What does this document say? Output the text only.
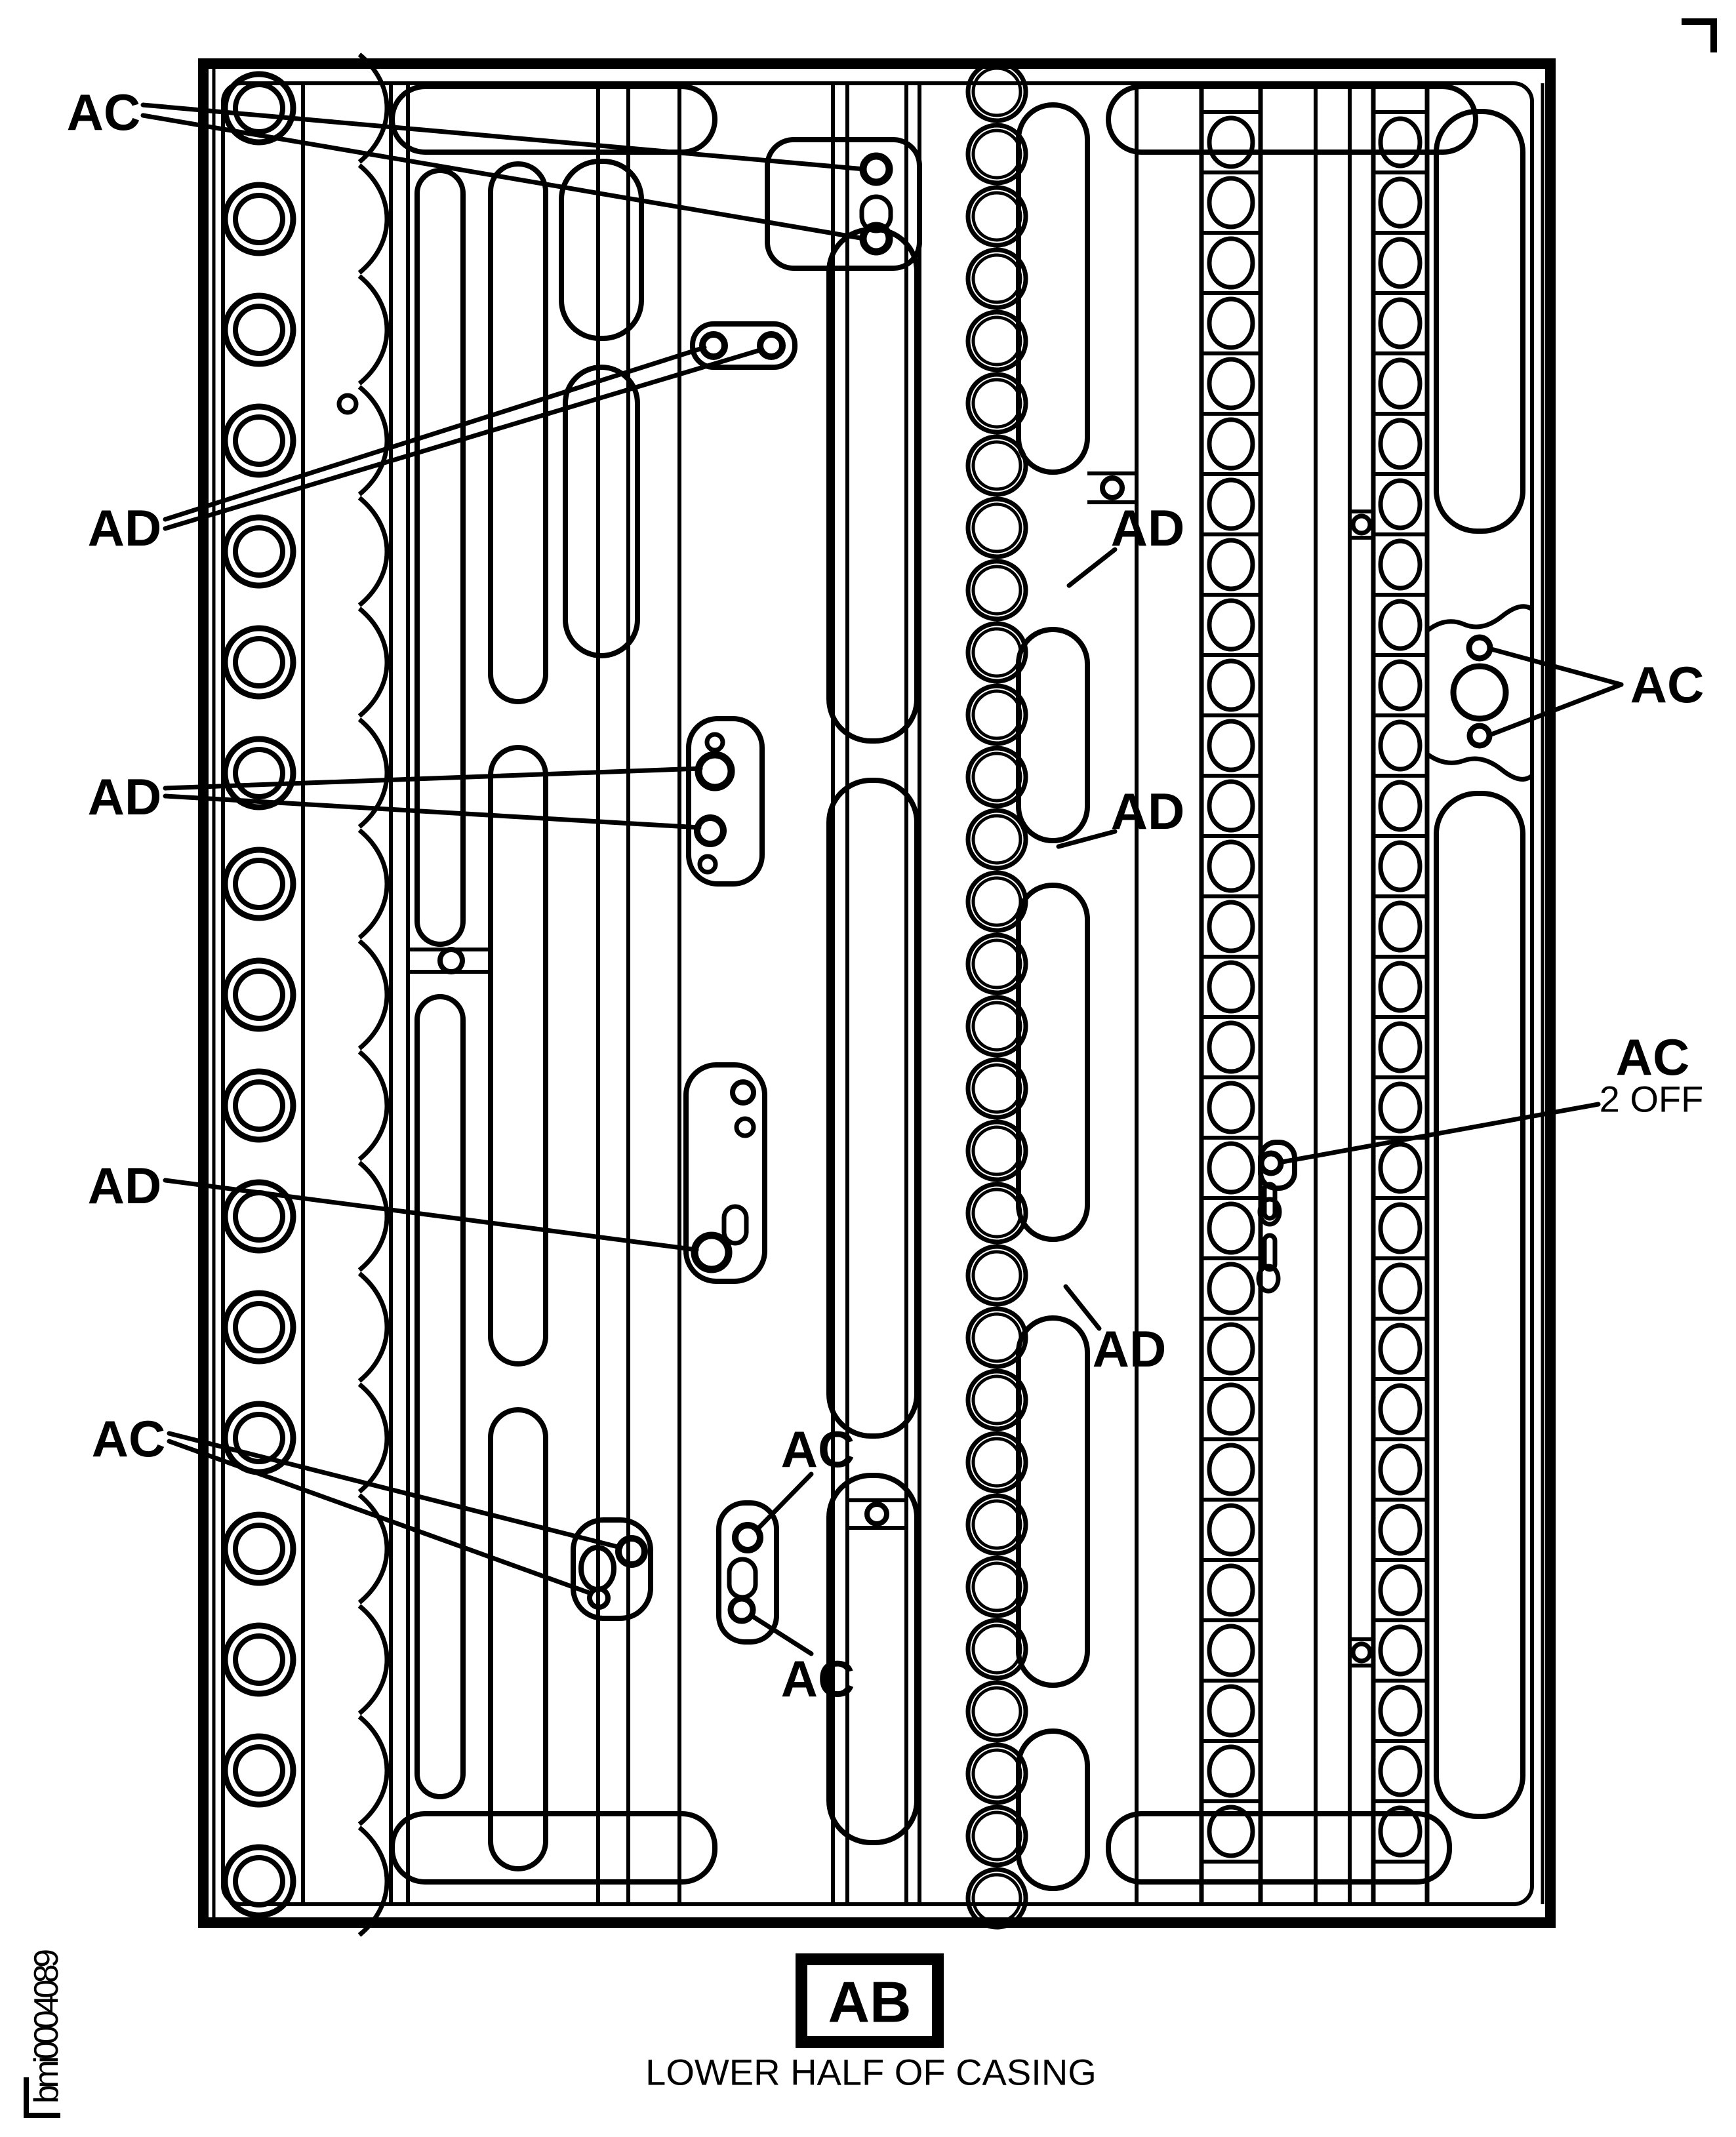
AC
AD
AD
AD
AC	AC
AC
AD
AD
AD
AC
AC
2 OFF
AB
LOWER HALF OF CASING
bmi0004089
